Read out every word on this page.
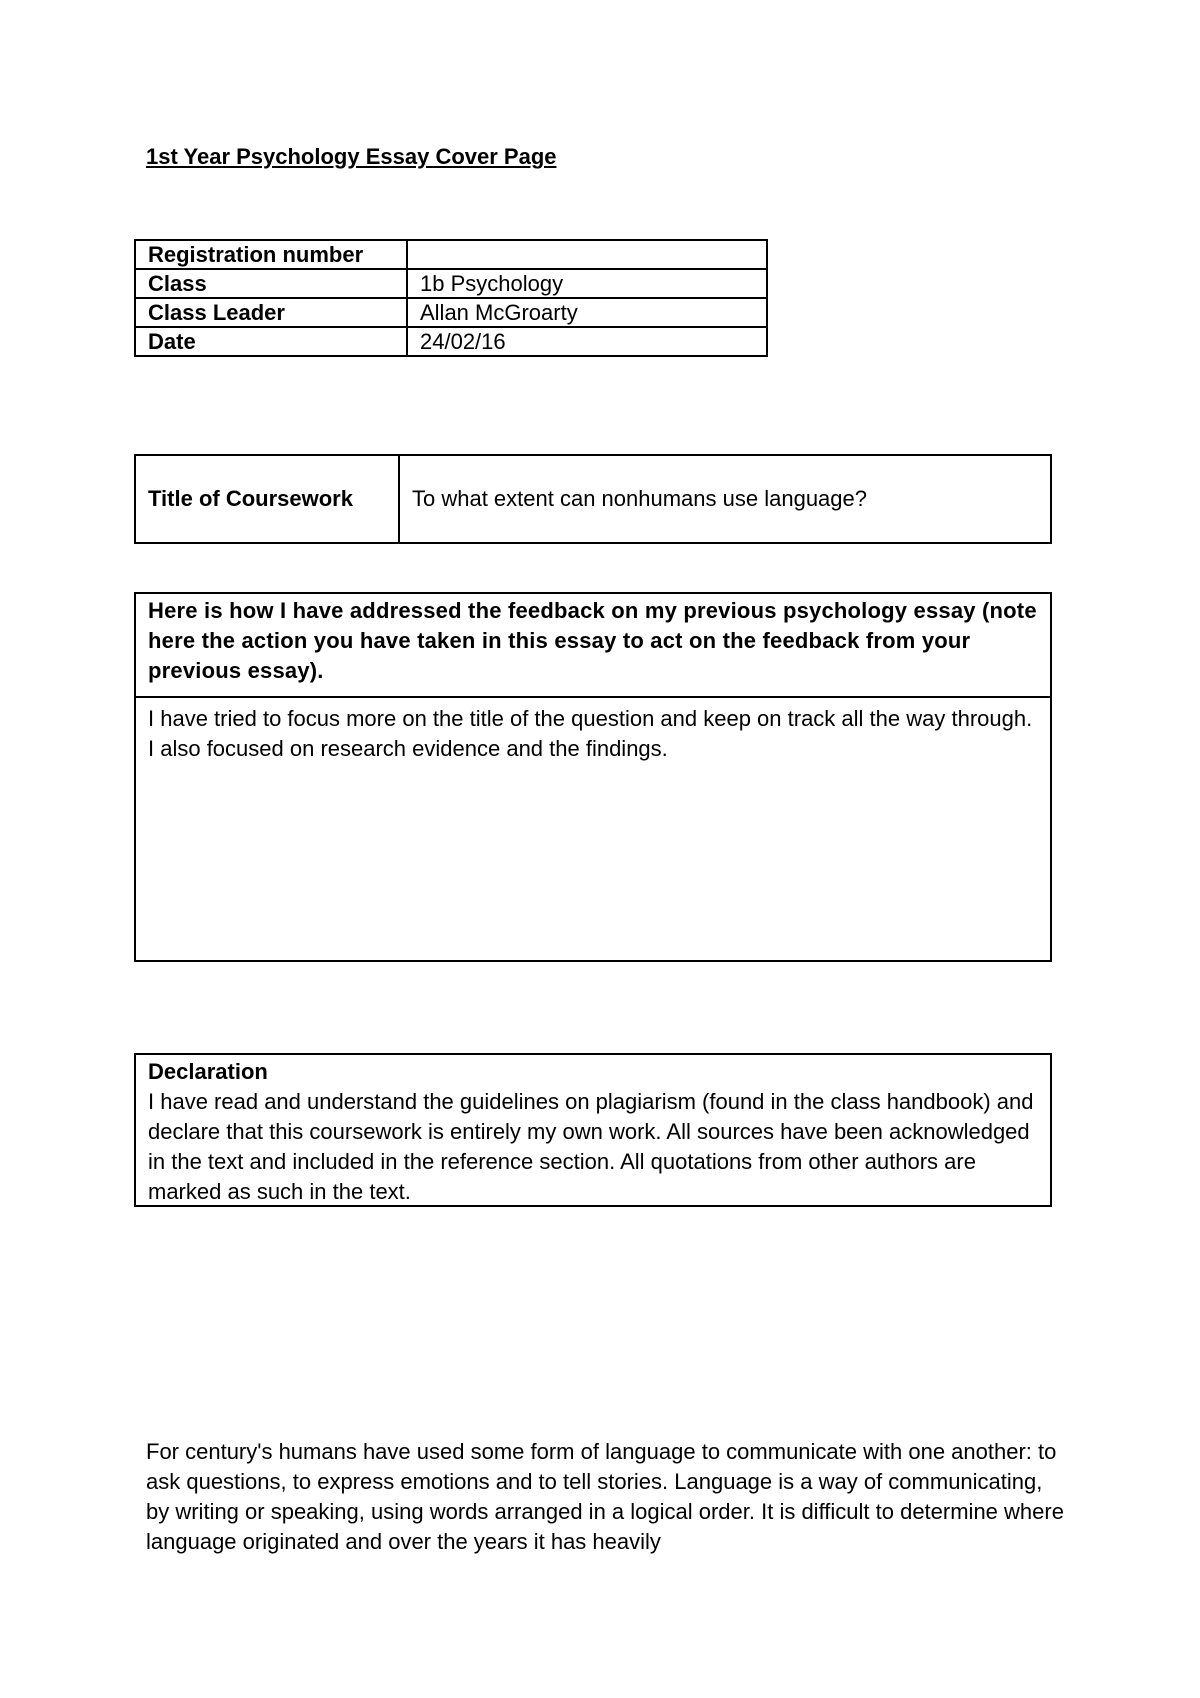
1st Year Psychology Essay Cover Page
Registration number	
Class	1b Psychology
Class Leader	Allan McGroarty
Date	24/02/16
Title of Coursework	To what extent can nonhumans use language?
Here is how I have addressed the feedback on my previous psychology essay (note here the action you have taken in this essay to act on the feedback from your previous essay).
I have tried to focus more on the title of the question and keep on track all the way through. I also focused on research evidence and the findings.
Declaration
I have read and understand the guidelines on plagiarism (found in the class handbook) and declare that this coursework is entirely my own work. All sources have been acknowledged in the text and included in the reference section. All quotations from other authors are marked as such in the text.

For century's humans have used some form of language to communicate with one another: to ask questions, to express emotions and to tell stories. Language is a way of communicating, by writing or speaking, using words arranged in a logical order. It is difficult to determine where language originated and over the years it has heavily
